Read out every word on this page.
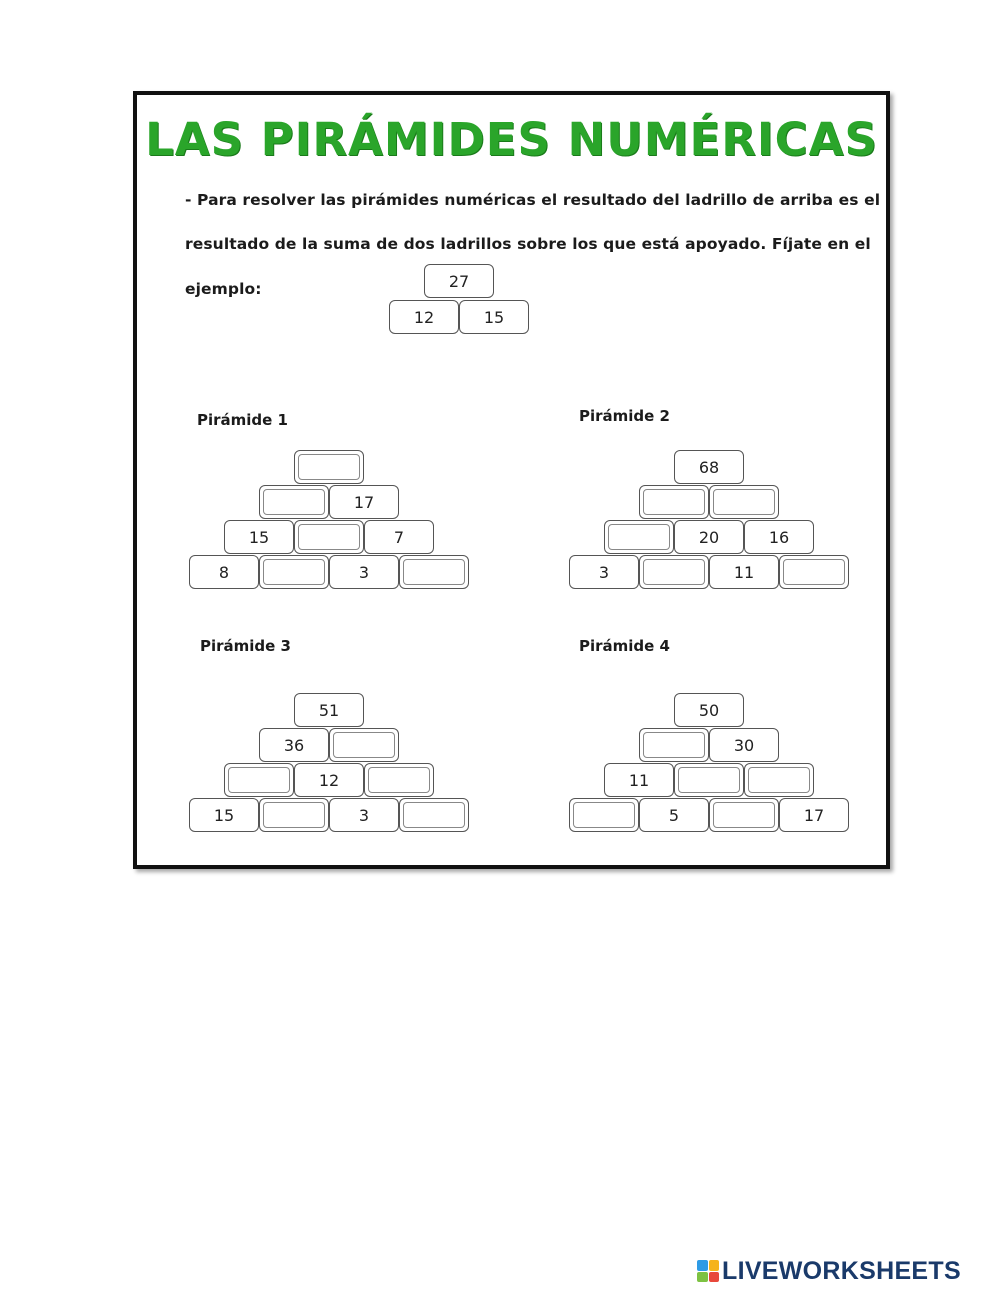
LAS PIRÁMIDES NUMÉRICAS
- Para resolver las pirámides numéricas el resultado del ladrillo de arriba es el
resultado de la suma de dos ladrillos sobre los que está apoyado. Fíjate en el
ejemplo:	27
12	15
Pirámide 1
17
15	7
8	3
Pirámide 2
68
20	16
3	11
Pirámide 3
51
36
12
15	3
Pirámide 4
50
30
11
5	17
LIVEWORKSHEETS
